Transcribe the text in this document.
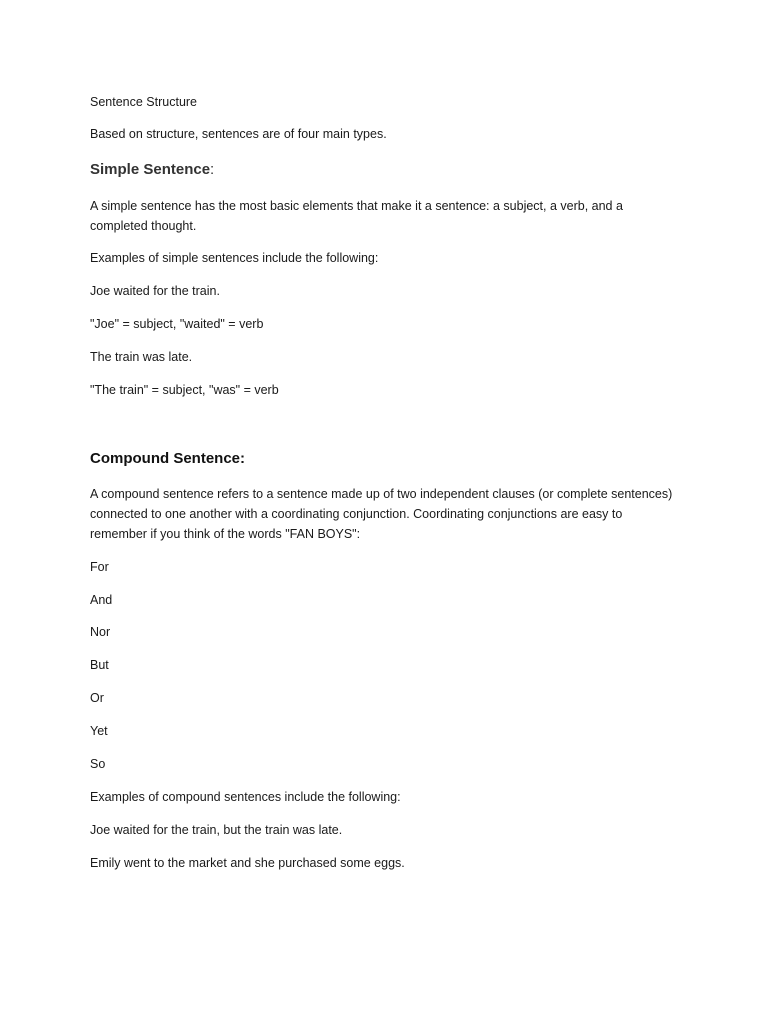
Sentence Structure

Based on structure, sentences are of four main types.

Simple Sentence:

A simple sentence has the most basic elements that make it a sentence: a subject, a verb, and a

completed thought.

Examples of simple sentences include the following:

Joe waited for the train.

"Joe" = subject, "waited" = verb

The train was late.

"The train" = subject, "was" = verb

Compound Sentence:

A compound sentence refers to a sentence made up of two independent clauses (or complete sentences)

connected to one another with a coordinating conjunction. Coordinating conjunctions are easy to

remember if you think of the words "FAN BOYS":

For

And

Nor

But

Or

Yet

So

Examples of compound sentences include the following:

Joe waited for the train, but the train was late.

Emily went to the market and she purchased some eggs.
